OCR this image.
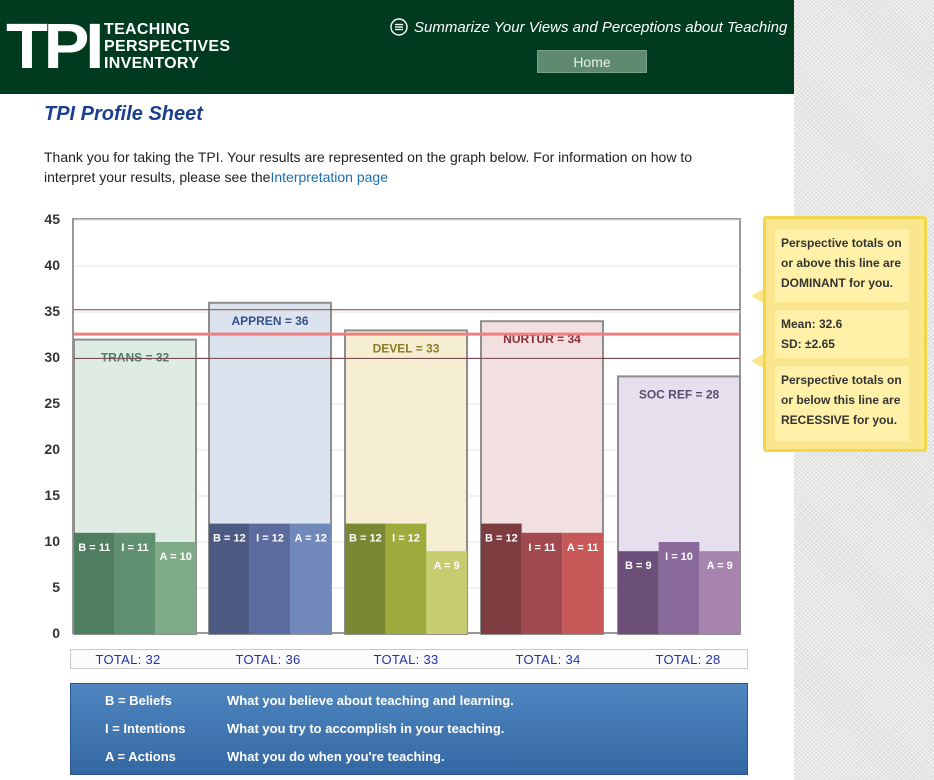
TPI TEACHING
PERSPECTIVES
INVENTORY
Summarize Your Views and Perceptions about Teaching
Home
TPI Profile Sheet
Thank you for taking the TPI. Your results are represented on the graph below. For information on how to interpret your results, please see theInterpretation page
0
5
10
15
20
25
30
35
40
45
TRANS = 32
B = 11 I = 11
A = 10
APPREN = 36
B = 12 I = 12 A = 12
DEVEL = 33
B = 12 I = 12
A = 9
NURTUR = 34
B = 12
I = 11 A = 11
SOC REF = 28
B = 9
I = 10
A = 9
TOTAL: 32	TOTAL: 36	TOTAL: 33	TOTAL: 34	TOTAL: 28
B = Beliefs	What you believe about teaching and learning.
I = Intentions	What you try to accomplish in your teaching.
A = Actions	What you do when you're teaching.
Perspective totals on or above this line are DOMINANT for you.
Mean: 32.6
SD: ±2.65
Perspective totals on or below this line are RECESSIVE for you.
